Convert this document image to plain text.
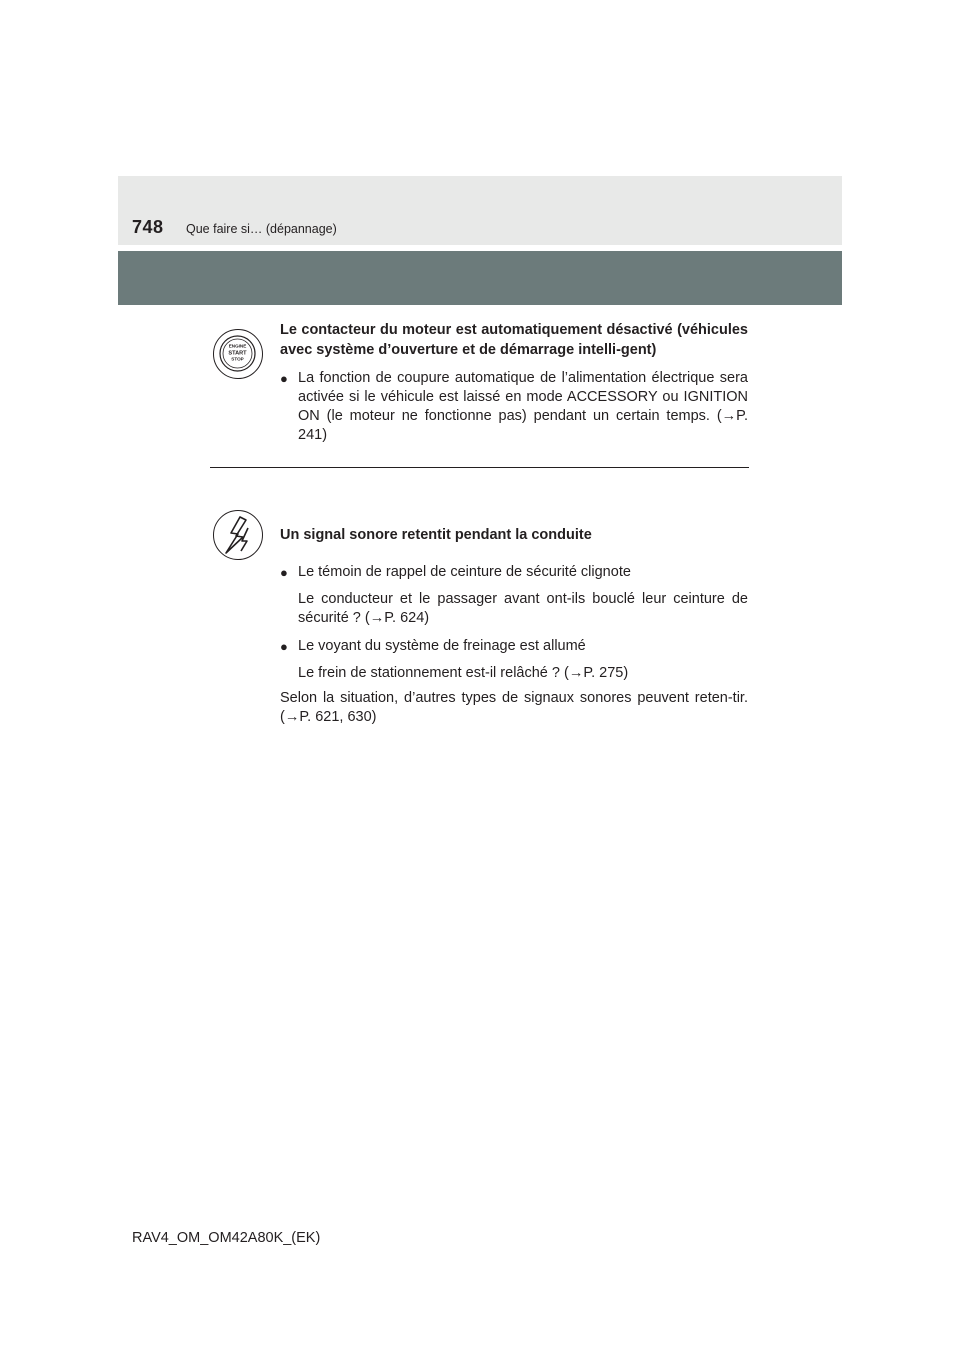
748 Que faire si… (dépannage)
ENGINE
START
STOP
Le contacteur du moteur est automatiquement désactivé (véhicules avec système d’ouverture et de démarrage intelli-gent)
● La fonction de coupure automatique de l’alimentation électrique sera activée si le véhicule est laissé en mode ACCESSORY ou IGNITION ON (le moteur ne fonctionne pas) pendant un certain temps. (→P. 241)
Un signal sonore retentit pendant la conduite
● Le témoin de rappel de ceinture de sécurité clignote
Le conducteur et le passager avant ont-ils bouclé leur ceinture de sécurité ? (→P. 624)
● Le voyant du système de freinage est allumé
Le frein de stationnement est-il relâché ? (→P. 275)
Selon la situation, d’autres types de signaux sonores peuvent reten-tir. (→P. 621, 630)
RAV4_OM_OM42A80K_(EK)
